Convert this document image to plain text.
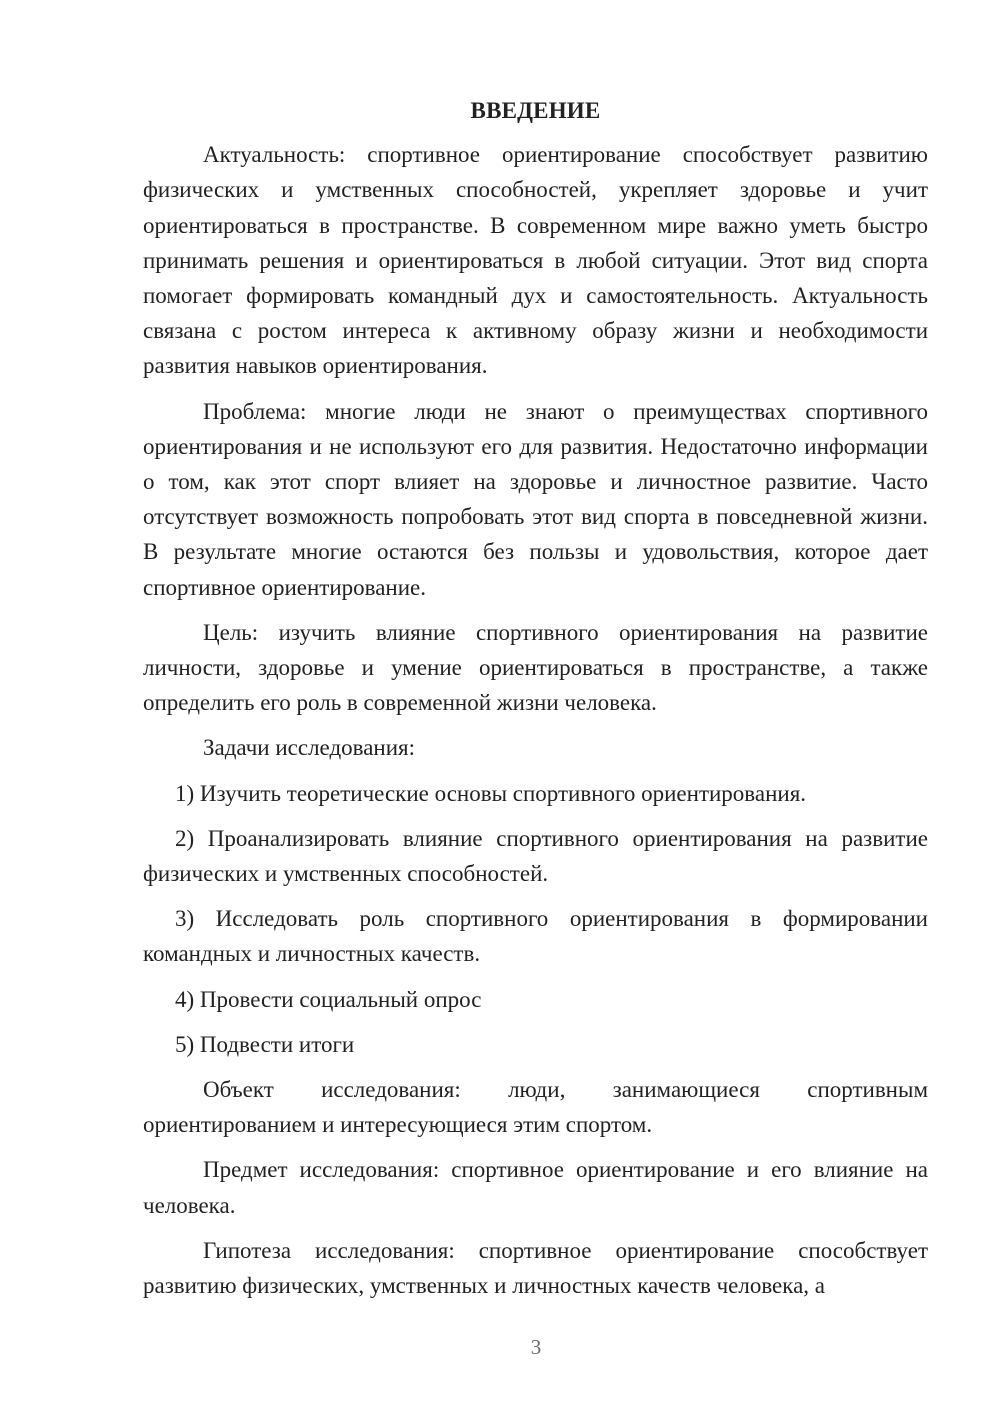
ВВЕДЕНИЕ

Актуальность: спортивное ориентирование способствует развитию физических и умственных способностей, укрепляет здоровье и учит ориентироваться в пространстве. В современном мире важно уметь быстро принимать решения и ориентироваться в любой ситуации. Этот вид спорта помогает формировать командный дух и самостоятельность. Актуальность связана с ростом интереса к активному образу жизни и необходимости развития навыков ориентирования.

Проблема: многие люди не знают о преимуществах спортивного ориентирования и не используют его для развития. Недостаточно информации о том, как этот спорт влияет на здоровье и личностное развитие. Часто отсутствует возможность попробовать этот вид спорта в повседневной жизни. В результате многие остаются без пользы и удовольствия, которое дает спортивное ориентирование.

Цель: изучить влияние спортивного ориентирования на развитие личности, здоровье и умение ориентироваться в пространстве, а также определить его роль в современной жизни человека.

Задачи исследования:

1) Изучить теоретические основы спортивного ориентирования.

2) Проанализировать влияние спортивного ориентирования на развитие физических и умственных способностей.

3) Исследовать роль спортивного ориентирования в формировании командных и личностных качеств.

4) Провести социальный опрос

5) Подвести итоги

Объект исследования: люди, занимающиеся спортивным ориентированием и интересующиеся этим спортом.

Предмет исследования: спортивное ориентирование и его влияние на человека.

Гипотеза исследования: спортивное ориентирование способствует развитию физических, умственных и личностных качеств человека, а

3
